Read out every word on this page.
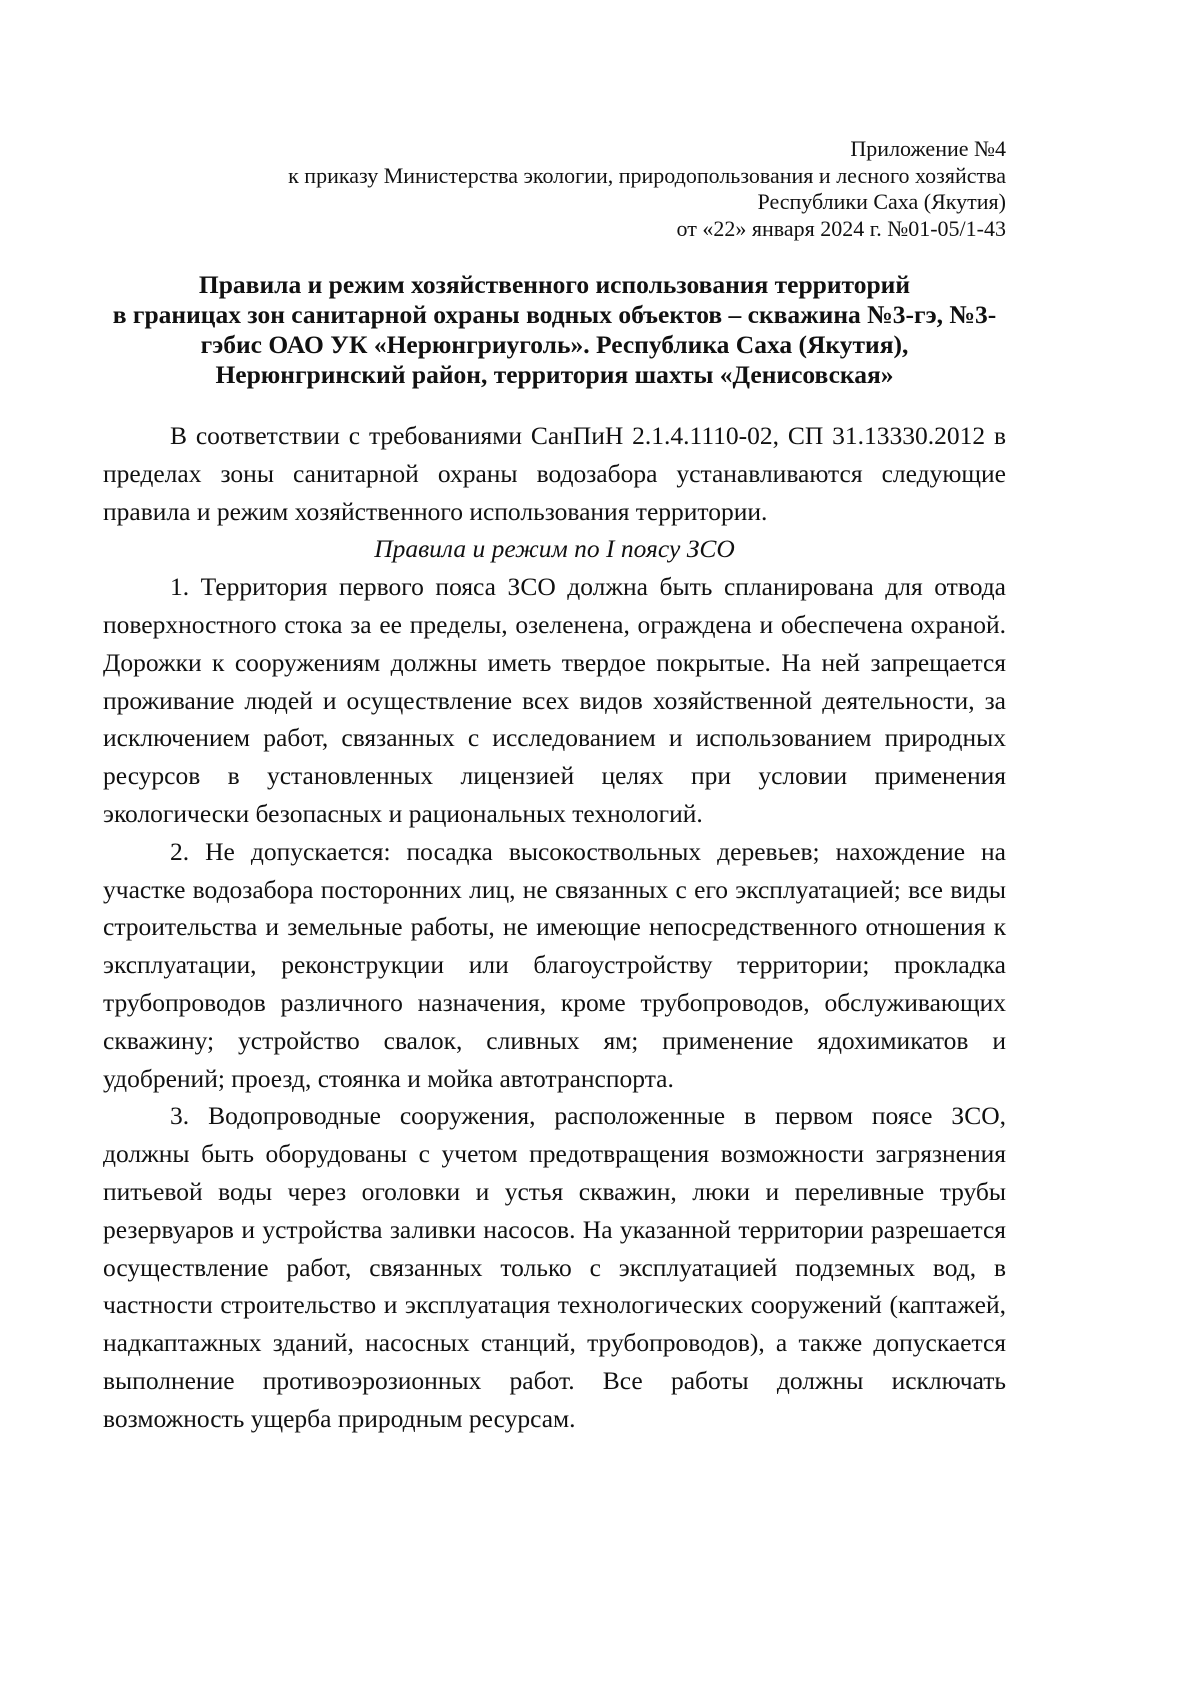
Приложение №4
к приказу Министерства экологии, природопользования и лесного хозяйства
Республики Саха (Якутия)
от «22» января 2024 г. №01-05/1-43
Правила и режим хозяйственного использования территорий
в границах зон санитарной охраны водных объектов – скважина №3-гэ, №3-
гэбис ОАО УК «Нерюнгриуголь». Республика Саха (Якутия),
Нерюнгринский район, территория шахты «Денисовская»

В соответствии с требованиями СанПиН 2.1.4.1110-02, СП 31.13330.2012 в пределах зоны санитарной охраны водозабора устанавливаются следующие правила и режим хозяйственного использования территории.

Правила и режим по I поясу ЗСО

1. Территория первого пояса ЗСО должна быть спланирована для отвода поверхностного стока за ее пределы, озеленена, ограждена и обеспечена охраной. Дорожки к сооружениям должны иметь твердое покрытые. На ней запрещается проживание людей и осуществление всех видов хозяйственной деятельности, за исключением работ, связанных с исследованием и использованием природных ресурсов в установленных лицензией целях при условии применения экологически безопасных и рациональных технологий.

2. Не допускается: посадка высокоствольных деревьев; нахождение на участке водозабора посторонних лиц, не связанных с его эксплуатацией; все виды строительства и земельные работы, не имеющие непосредственного отношения к эксплуатации, реконструкции или благоустройству территории; прокладка трубопроводов различного назначения, кроме трубопроводов, обслуживающих скважину; устройство свалок, сливных ям; применение ядохимикатов и удобрений; проезд, стоянка и мойка автотранспорта.

3. Водопроводные сооружения, расположенные в первом поясе ЗСО, должны быть оборудованы с учетом предотвращения возможности загрязнения питьевой воды через оголовки и устья скважин, люки и переливные трубы резервуаров и устройства заливки насосов. На указанной территории разрешается осуществление работ, связанных только с эксплуатацией подземных вод, в частности строительство и эксплуатация технологических сооружений (каптажей, надкаптажных зданий, насосных станций, трубопроводов), а также допускается выполнение противоэрозионных работ. Все работы должны исключать возможность ущерба природным ресурсам.
